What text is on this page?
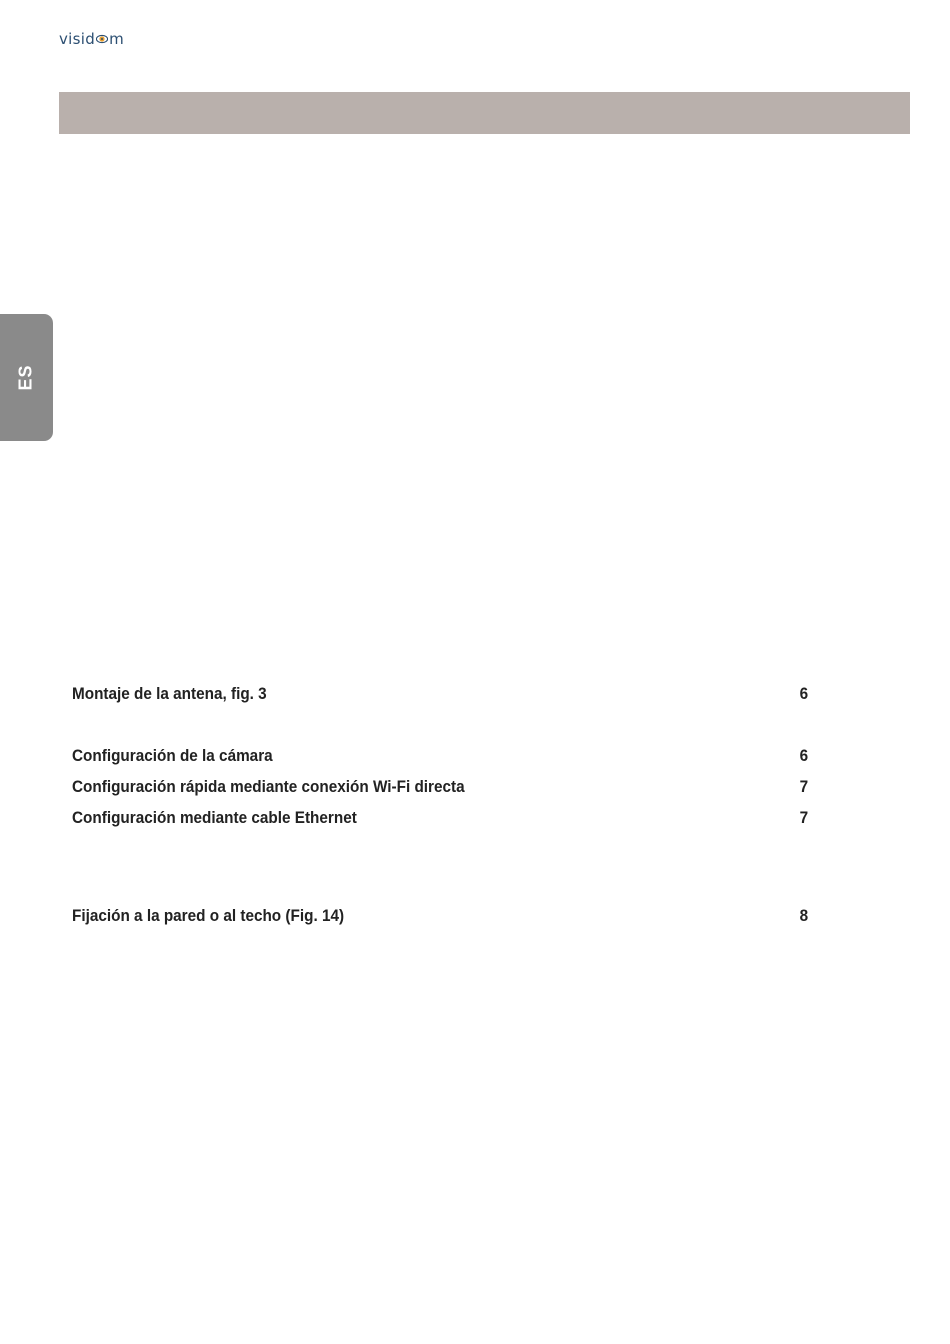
visid m
ES
Montaje de la antena, fig. 3	6
Configuración de la cámara	6
Configuración rápida mediante conexión Wi-Fi directa	7
Configuración mediante cable Ethernet	7
Fijación a la pared o al techo (Fig. 14)	8
